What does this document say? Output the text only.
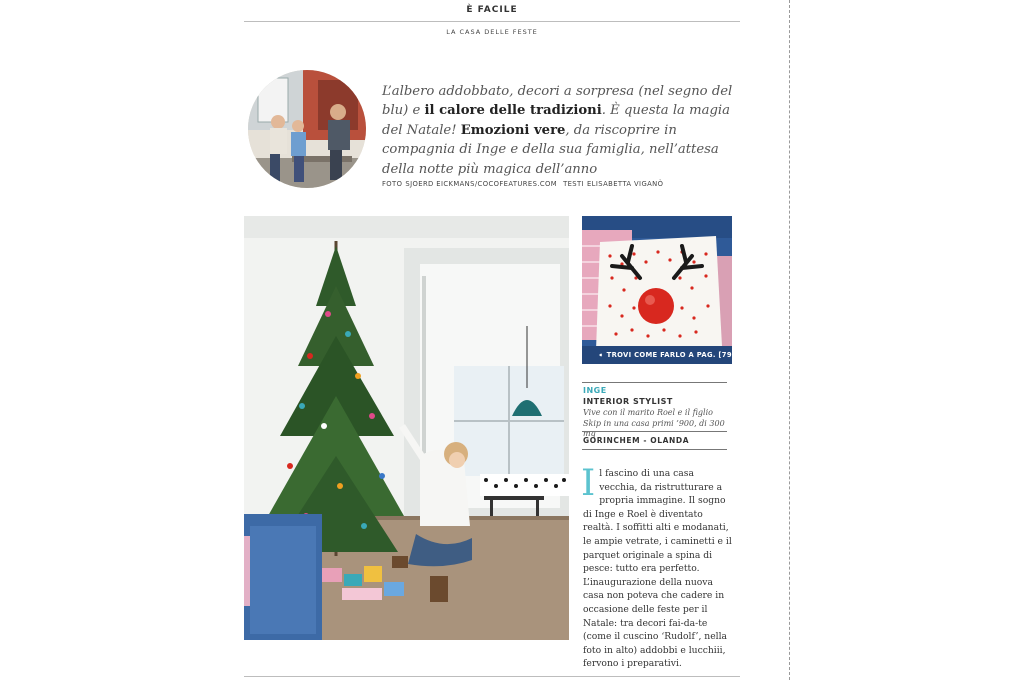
È FACILE
LA CASA DELLE FESTE
L’albero addobbato, decori a sorpresa (nel segno del blu) e il calore delle tradizioni. È questa la magia del Natale! Emozioni vere, da riscoprire in compagnia di Inge e della sua famiglia, nell’attesa della notte più magica dell’anno
FOTO SJOERD EICKMANS/COCOFEATURES.COM TESTI ELISABETTA VIGANÒ
➧ TROVI COME FARLO A PAG. [79]
INGE
INTERIOR STYLIST
Vive con il marito Roel e il figlio Skip in una casa primi ’900, di 300 mq
GORINCHEM - OLANDA
Il fascino di una casa vecchia, da ristrutturare a propria immagine. Il sogno di Inge e Roel è diventato realtà. I soffitti alti e modanati, le ampie vetrate, i caminetti e il parquet originale a spina di pesce: tutto era perfetto. L’inaugurazione della nuova casa non poteva che cadere in occasione delle feste per il Natale: tra decori fai-da-te (come il cuscino ‘Rudolf’, nella foto in alto) addobbi e lucchiii, fervono i preparativi.
